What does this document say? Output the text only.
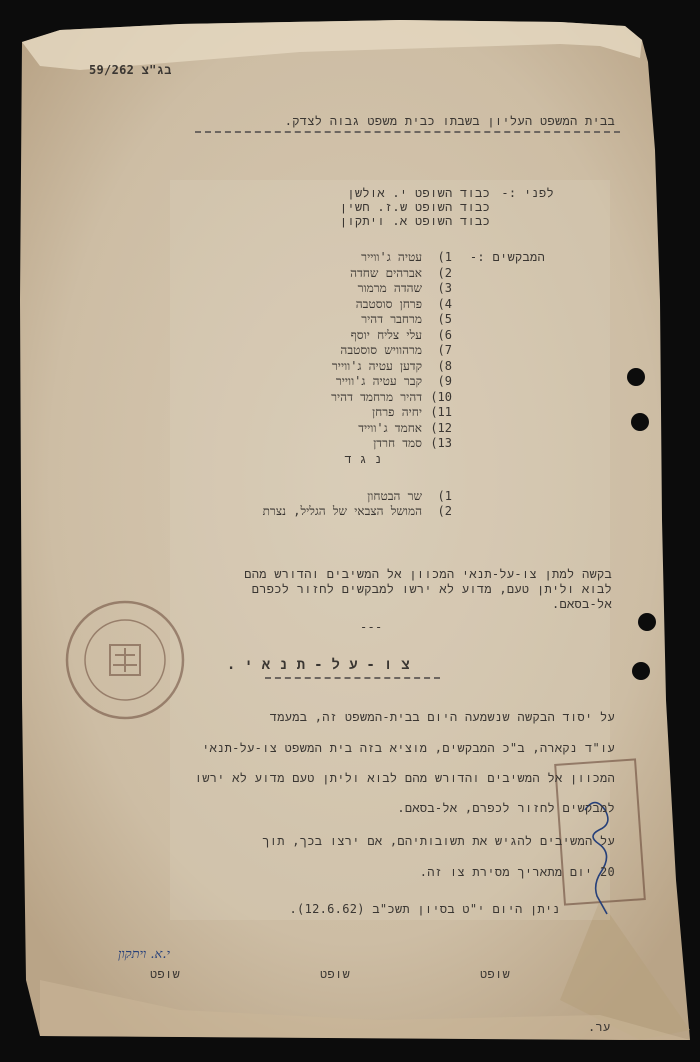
בג"צ 59/262
בבית המשפט העליון בשבתו כבית משפט גבוה לצדק.
לפני :-
כבוד השופט י. אולשן
כבוד השופט ש.ז. חשין
כבוד השופט א. ויתקון
המבקשים :-
1)עטיה ג'ווייר
2)אברהים שחדה
3)שהדה מרמור
4)פרחן סוסטבה
5)מרחבר דהיר
6)עלי צליח יוסף
7)מרהוויש סוסטבה
8)קדען עטיה ג'ווייר
9)קבר עטיה ג'ווייר
10)דהיר מרחמד דהיר
11)יחיה פרחן
12)אחמד ג'ווייד
13)סמד חרדן
נ ג ד
1)שר הבטחון
2)המושל הצבאי של הגליל, נצרת
בקשה למתן צו-על-תנאי המכוון אל המשיבים והדורש מהם
לבוא וליתן טעם, מדוע לא ירשו למבקשים לחזור לכפרם
אל-בסאם.
---
צ ו - ע ל - ת נ א י .
על יסוד הבקשה שנשמעה היום בבית-המשפט זה, במעמד
עו"ד נקארה, ב"כ המבקשים, מוציא בזה בית המשפט צו-על-תנאי
המכוון אל המשיבים והדורש מהם לבוא וליתן טעם מדוע לא ירשו
למבקשים לחזור לכפרם, אל-בסאם.
על המשיבים להגיש את תשובותיהם, אם ירצו בכך, תוך
20 יום מתאריך מסירת צו זה.
ניתן היום י"ט בסיון תשכ"ב (12.6.62).
י.א. ויתקון
שופט	שופט	שופט
ער.
